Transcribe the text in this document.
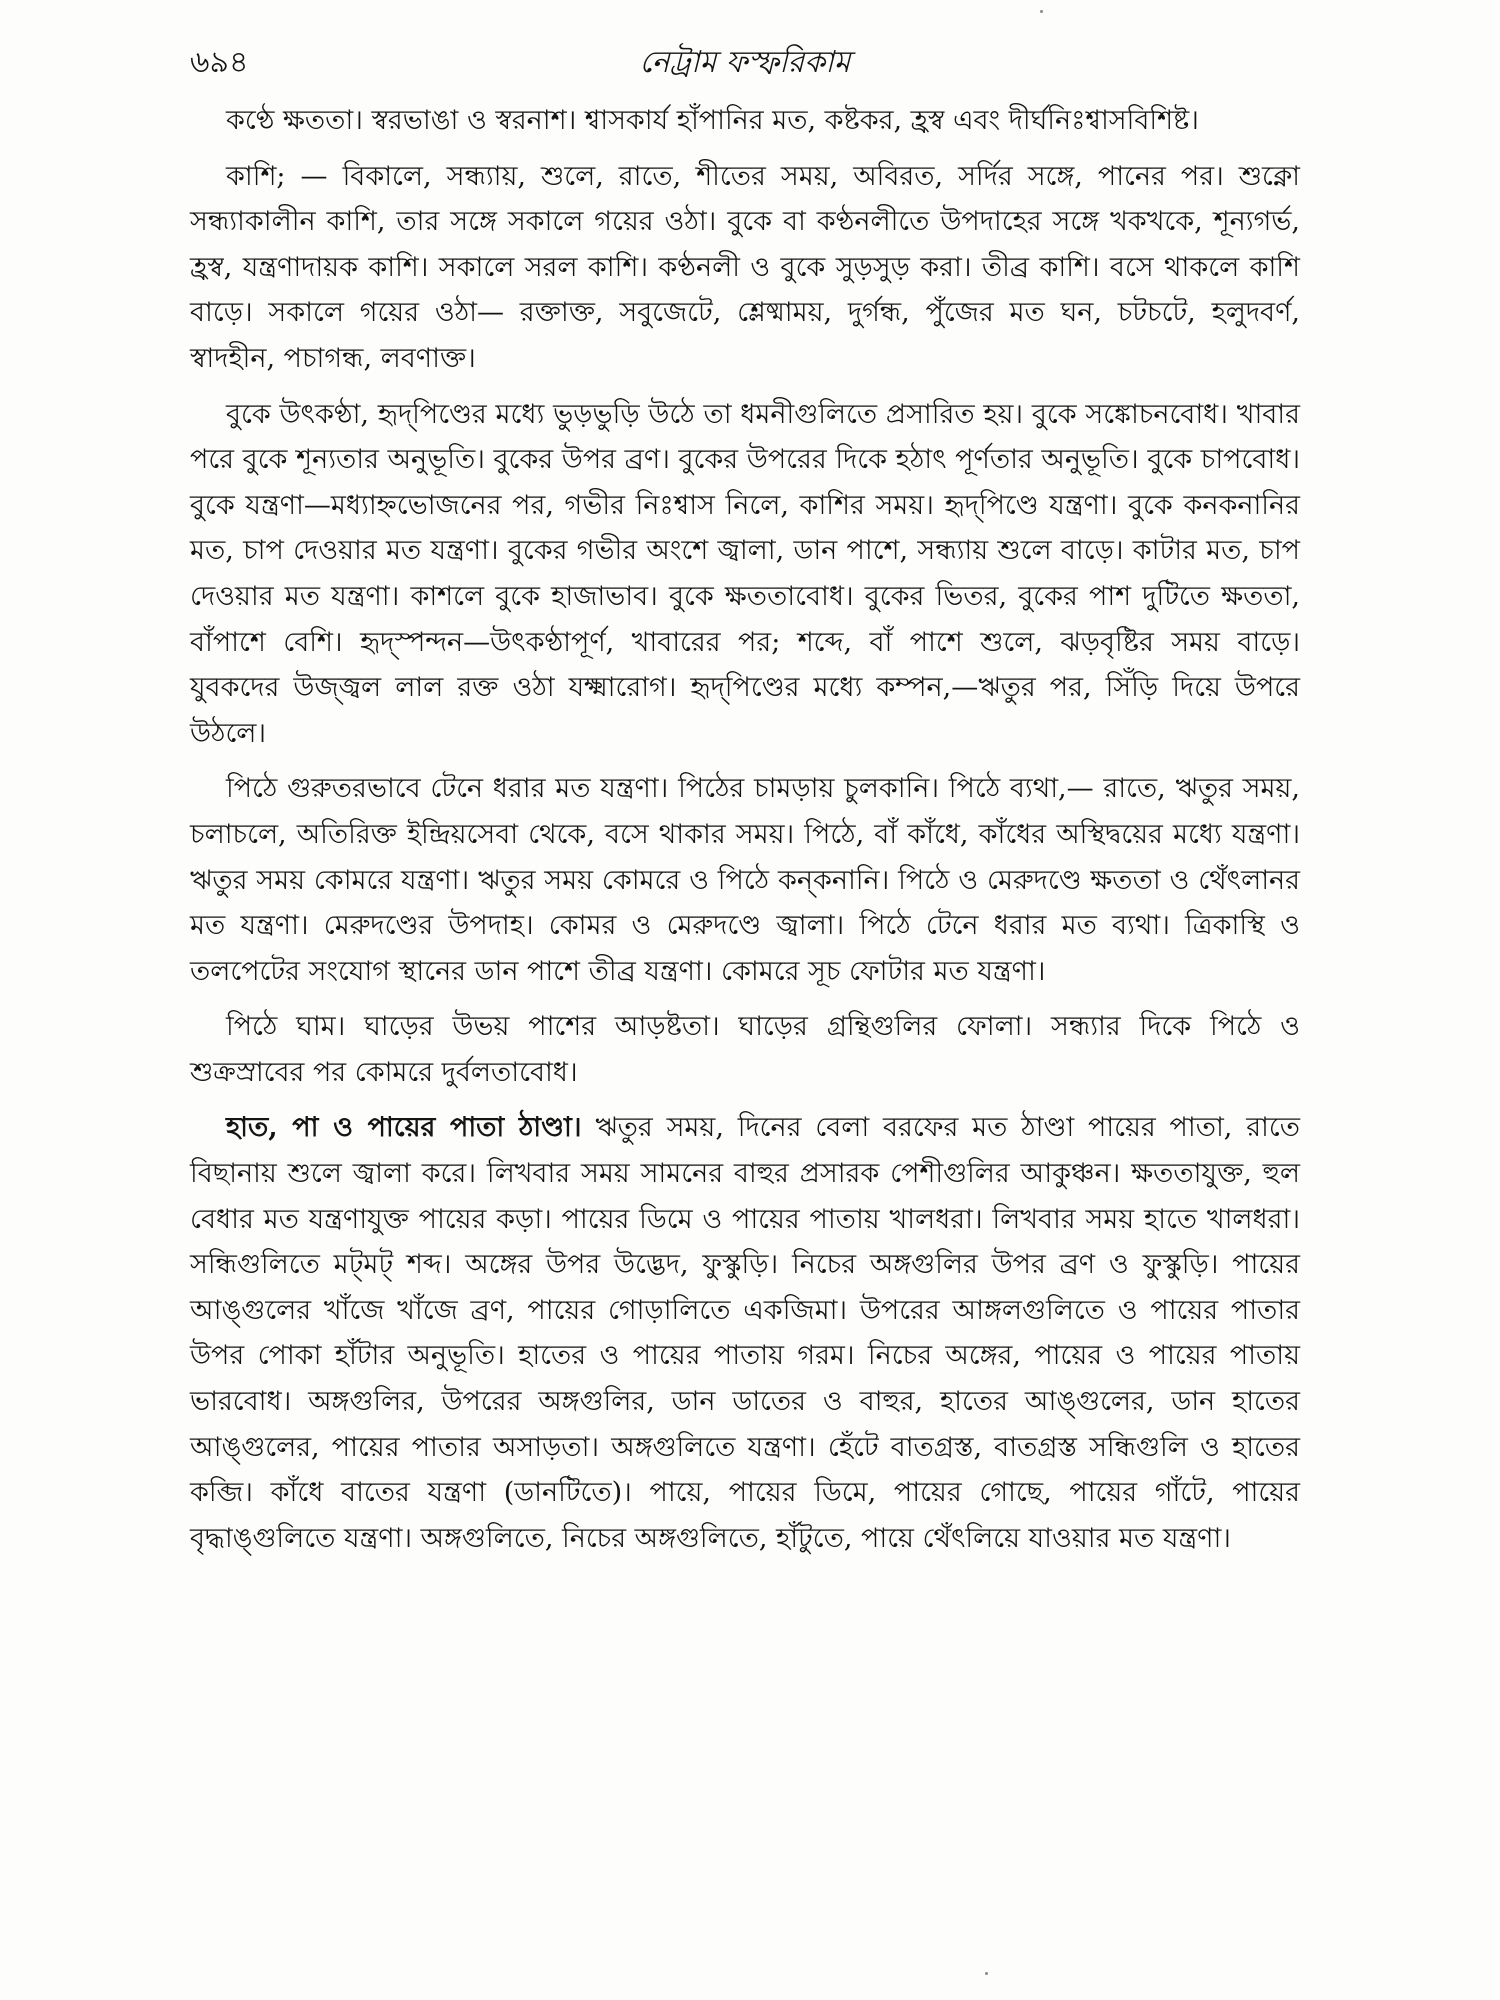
৬৯৪	নেট্রাম ফস্ফরিকাম

কণ্ঠে ক্ষততা। স্বরভাঙা ও স্বরনাশ। শ্বাসকার্য হাঁপানির মত, কষ্টকর, হ্রস্ব এবং দীর্ঘনিঃশ্বাসবিশিষ্ট।

কাশি; — বিকালে, সন্ধ্যায়, শুলে, রাতে, শীতের সময়, অবিরত, সর্দির সঙ্গে, পানের পর। শুক্নো সন্ধ্যাকালীন কাশি, তার সঙ্গে সকালে গয়ের ওঠা। বুকে বা কণ্ঠনলীতে উপদাহের সঙ্গে খকখকে, শূন্যগর্ভ, হ্রস্ব, যন্ত্রণাদায়ক কাশি। সকালে সরল কাশি। কণ্ঠনলী ও বুকে সুড়সুড় করা। তীব্র কাশি। বসে থাকলে কাশি বাড়ে। সকালে গয়ের ওঠা— রক্তাক্ত, সবুজেটে, শ্লেষ্মাময়, দুর্গন্ধ, পুঁজের মত ঘন, চটচটে, হলুদবর্ণ, স্বাদহীন, পচাগন্ধ, লবণাক্ত।

বুকে উৎকণ্ঠা, হৃদ্‌পিণ্ডের মধ্যে ভুড়ভুড়ি উঠে তা ধমনীগুলিতে প্রসারিত হয়। বুকে সঙ্কোচনবোধ। খাবার পরে বুকে শূন্যতার অনুভূতি। বুকের উপর ব্রণ। বুকের উপরের দিকে হঠাৎ পূর্ণতার অনুভূতি। বুকে চাপবোধ। বুকে যন্ত্রণা—মধ্যাহ্নভোজনের পর, গভীর নিঃশ্বাস নিলে, কাশির সময়। হৃদ্‌পিণ্ডে যন্ত্রণা। বুকে কনকনানির মত, চাপ দেওয়ার মত যন্ত্রণা। বুকের গভীর অংশে জ্বালা, ডান পাশে, সন্ধ্যায় শুলে বাড়ে। কাটার মত, চাপ দেওয়ার মত যন্ত্রণা। কাশলে বুকে হাজাভাব। বুকে ক্ষততাবোধ। বুকের ভিতর, বুকের পাশ দুটিতে ক্ষততা, বাঁপাশে বেশি। হৃদ্স্পন্দন—উৎকণ্ঠাপূর্ণ, খাবারের পর; শব্দে, বাঁ পাশে শুলে, ঝড়বৃষ্টির সময় বাড়ে। যুবকদের উজ্জ্বল লাল রক্ত ওঠা যক্ষ্মারোগ। হৃদ্‌পিণ্ডের মধ্যে কম্পন,—ঋতুর পর, সিঁড়ি দিয়ে উপরে উঠলে।

পিঠে গুরুতরভাবে টেনে ধরার মত যন্ত্রণা। পিঠের চামড়ায় চুলকানি। পিঠে ব্যথা,— রাতে, ঋতুর সময়, চলাচলে, অতিরিক্ত ইন্দ্রিয়সেবা থেকে, বসে থাকার সময়। পিঠে, বাঁ কাঁধে, কাঁধের অস্থিদ্বয়ের মধ্যে যন্ত্রণা। ঋতুর সময় কোমরে যন্ত্রণা। ঋতুর সময় কোমরে ও পিঠে কন্‌কনানি। পিঠে ও মেরুদণ্ডে ক্ষততা ও থেঁৎলানর মত যন্ত্রণা। মেরুদণ্ডের উপদাহ। কোমর ও মেরুদণ্ডে জ্বালা। পিঠে টেনে ধরার মত ব্যথা। ত্রিকাস্থি ও তলপেটের সংযোগ স্থানের ডান পাশে তীব্র যন্ত্রণা। কোমরে সূচ ফোটার মত যন্ত্রণা।

পিঠে ঘাম। ঘাড়ের উভয় পাশের আড়ষ্টতা। ঘাড়ের গ্রন্থিগুলির ফোলা। সন্ধ্যার দিকে পিঠে ও শুক্রস্রাবের পর কোমরে দুর্বলতাবোধ।

হাত, পা ও পায়ের পাতা ঠাণ্ডা। ঋতুর সময়, দিনের বেলা বরফের মত ঠাণ্ডা পায়ের পাতা, রাতে বিছানায় শুলে জ্বালা করে। লিখবার সময় সামনের বাহুর প্রসারক পেশীগুলির আকুঞ্চন। ক্ষততাযুক্ত, হুল বেধার মত যন্ত্রণাযুক্ত পায়ের কড়া। পায়ের ডিমে ও পায়ের পাতায় খালধরা। লিখবার সময় হাতে খালধরা। সন্ধিগুলিতে মট্‌মট্ শব্দ। অঙ্গের উপর উদ্ভেদ, ফুস্কুড়ি। নিচের অঙ্গগুলির উপর ব্রণ ও ফুস্কুড়ি। পায়ের আঙ্গুলের খাঁজে খাঁজে ব্রণ, পায়ের গোড়ালিতে একজিমা। উপরের আঙ্গলগুলিতে ও পায়ের পাতার উপর পোকা হাঁটার অনুভূতি। হাতের ও পায়ের পাতায় গরম। নিচের অঙ্গের, পায়ের ও পায়ের পাতায় ভারবোধ। অঙ্গগুলির, উপরের অঙ্গগুলির, ডান ডাতের ও বাহুর, হাতের আঙ্গুলের, ডান হাতের আঙ্গুলের, পায়ের পাতার অসাড়তা। অঙ্গগুলিতে যন্ত্রণা। হেঁটে বাতগ্রস্ত, বাতগ্রস্ত সন্ধিগুলি ও হাতের কব্জি। কাঁধে বাতের যন্ত্রণা (ডানটিতে)। পায়ে, পায়ের ডিমে, পায়ের গোছে, পায়ের গাঁটে, পায়ের বৃদ্ধাঙ্গুলিতে যন্ত্রণা। অঙ্গগুলিতে, নিচের অঙ্গগুলিতে, হাঁটুতে, পায়ে থেঁৎলিয়ে যাওয়ার মত যন্ত্রণা।
